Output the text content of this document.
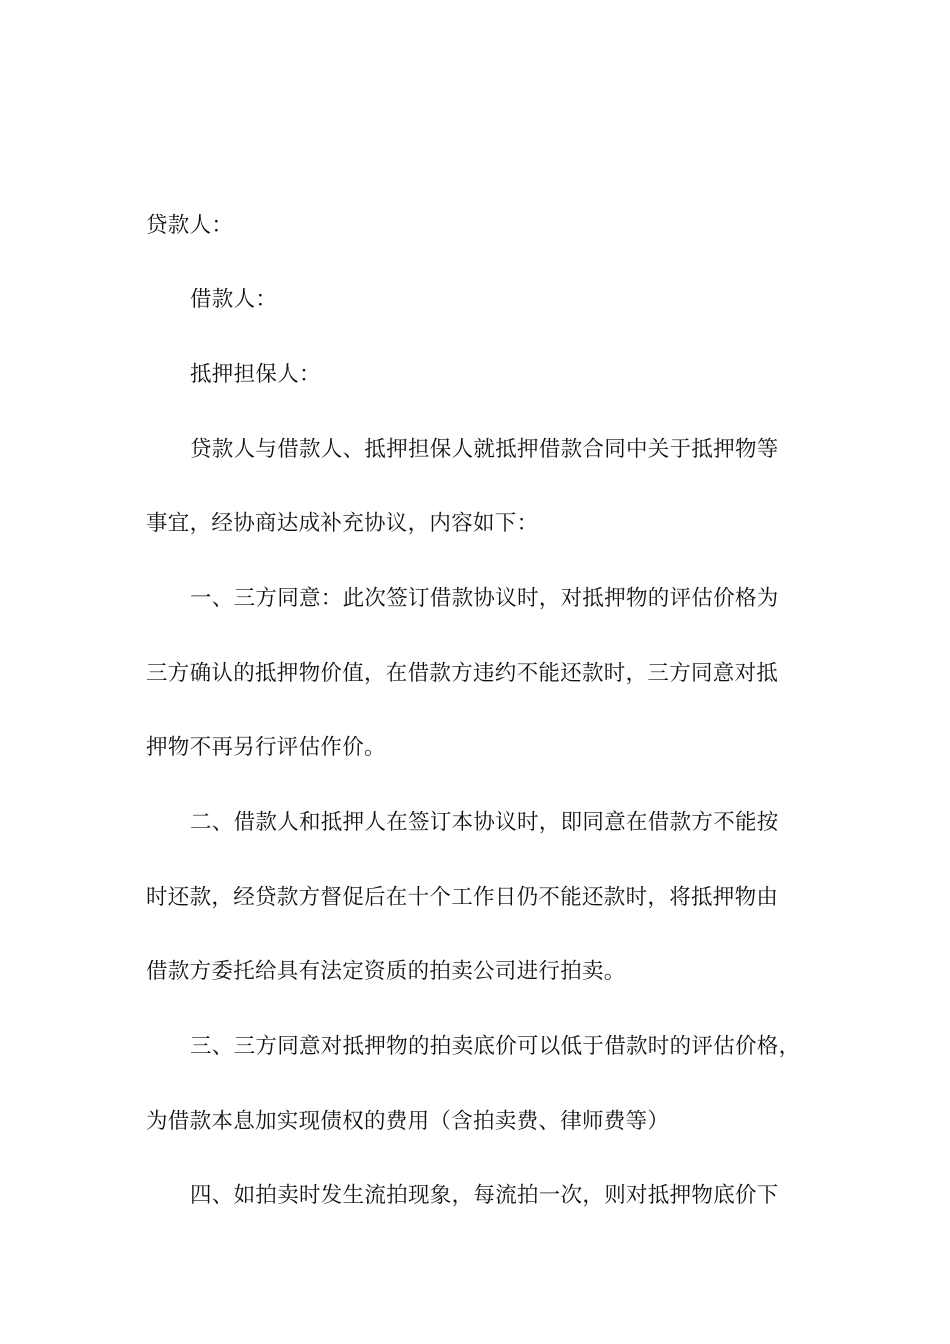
贷款人：
借款人：
抵押担保人：
贷款人与借款人、抵押担保人就抵押借款合同中关于抵押物等
事宜，经协商达成补充协议，内容如下：
一、三方同意：此次签订借款协议时，对抵押物的评估价格为
三方确认的抵押物价值，在借款方违约不能还款时，三方同意对抵
押物不再另行评估作价。
二、借款人和抵押人在签订本协议时，即同意在借款方不能按
时还款，经贷款方督促后在十个工作日仍不能还款时，将抵押物由
借款方委托给具有法定资质的拍卖公司进行拍卖。
三、三方同意对抵押物的拍卖底价可以低于借款时的评估价格，
为借款本息加实现债权的费用（含拍卖费、律师费等）
四、如拍卖时发生流拍现象，每流拍一次，则对抵押物底价下
